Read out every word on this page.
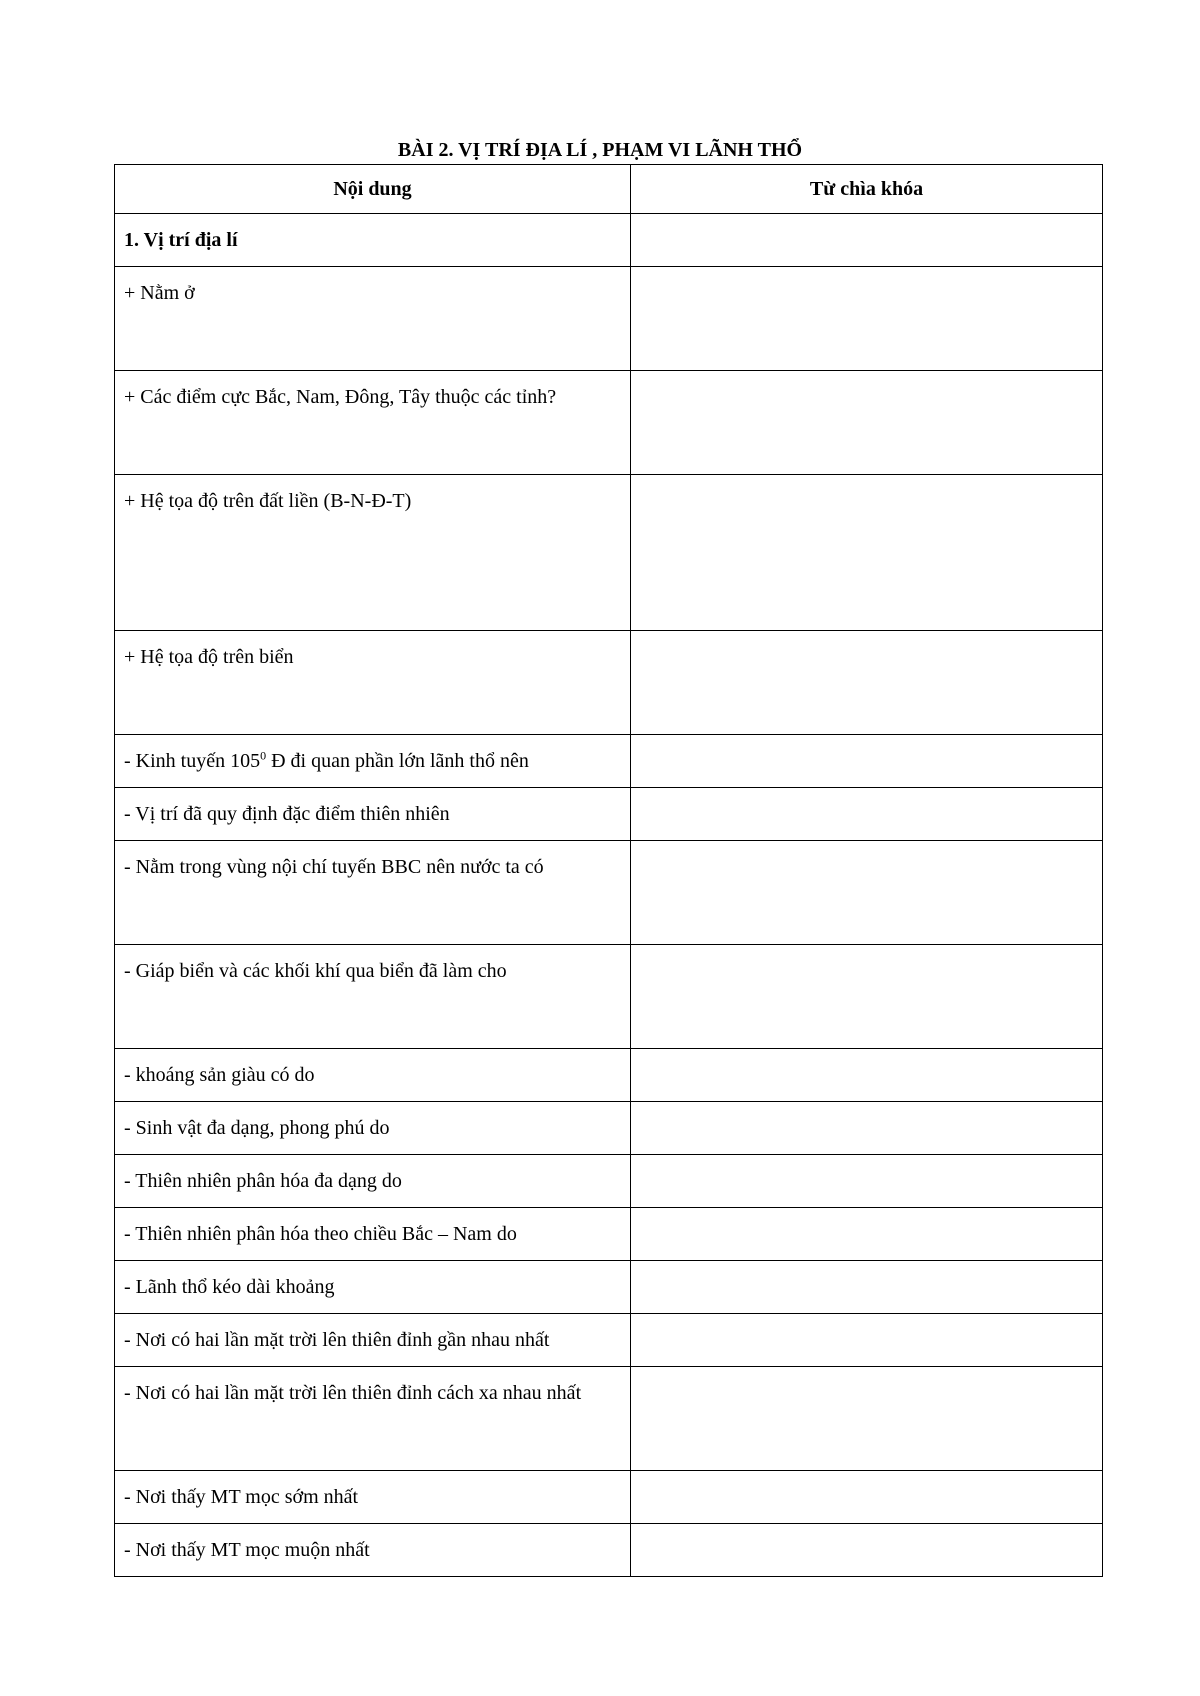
BÀI 2. VỊ TRÍ ĐỊA LÍ , PHẠM VI LÃNH THỔ
Nội dung	Từ chìa khóa
1. Vị trí địa lí	
+ Nằm ở	
+ Các điểm cực Bắc, Nam, Đông, Tây thuộc các tỉnh?	
+ Hệ tọa độ trên đất liền (B-N-Đ-T)	
+ Hệ tọa độ trên biển	
- Kinh tuyến $105^0$ Đ đi quan phần lớn lãnh thổ nên	
- Vị trí đã quy định đặc điểm thiên nhiên	
- Nằm trong vùng nội chí tuyến BBC nên nước ta có	
- Giáp biển và các khối khí qua biển đã làm cho	
- khoáng sản giàu có do	
- Sinh vật đa dạng, phong phú do	
- Thiên nhiên phân hóa đa dạng do	
- Thiên nhiên phân hóa theo chiều Bắc – Nam do	
- Lãnh thổ kéo dài khoảng	
- Nơi có hai lần mặt trời lên thiên đỉnh gần nhau nhất	
- Nơi có hai lần mặt trời lên thiên đỉnh cách xa nhau nhất	
- Nơi thấy MT mọc sớm nhất	
- Nơi thấy MT mọc muộn nhất	
